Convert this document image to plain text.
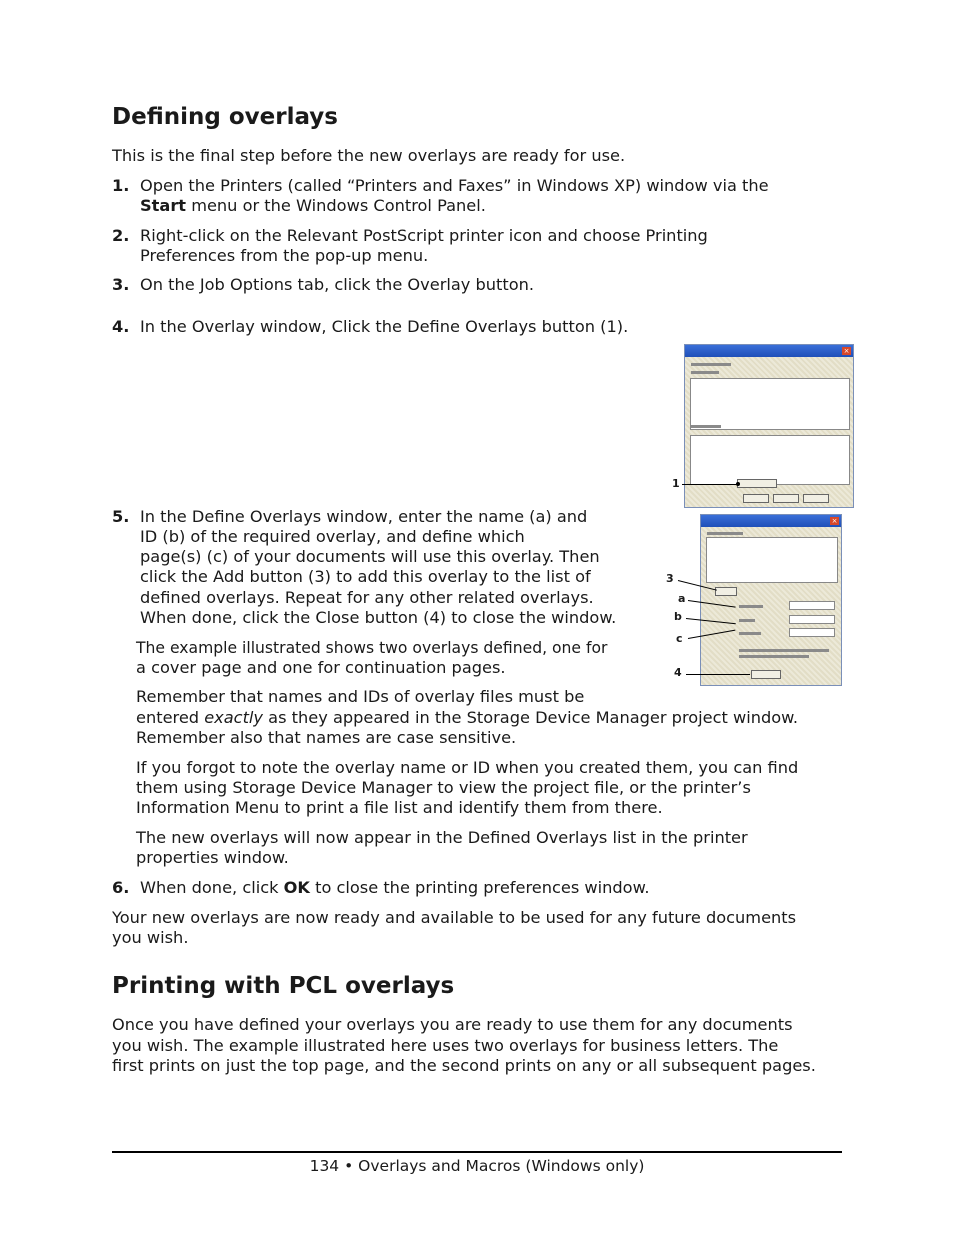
Defining overlays

This is the final step before the new overlays are ready for use.

1. Open the Printers (called “Printers and Faxes” in Windows XP) window via the

Start menu or the Windows Control Panel.

2. Right-click on the Relevant PostScript printer icon and choose Printing

Preferences from the pop-up menu.

3. On the Job Options tab, click the Overlay button.

4. In the Overlay window, Click the Define Overlays button (1).

×
1
5. In the Define Overlays window, enter the name (a) and

ID (b) of the required overlay, and define which

page(s) (c) of your documents will use this overlay. Then

click the Add button (3) to add this overlay to the list of

defined overlays. Repeat for any other related overlays.

When done, click the Close button (4) to close the window.

×
3
a
b
c
4

The example illustrated shows two overlays defined, one for

a cover page and one for continuation pages.

Remember that names and IDs of overlay files must be

entered exactly as they appeared in the Storage Device Manager project window.

Remember also that names are case sensitive.

If you forgot to note the overlay name or ID when you created them, you can find

them using Storage Device Manager to view the project file, or the printer’s

Information Menu to print a file list and identify them from there.

The new overlays will now appear in the Defined Overlays list in the printer

properties window.

6. When done, click OK to close the printing preferences window.

Your new overlays are now ready and available to be used for any future documents

you wish.

Printing with PCL overlays

Once you have defined your overlays you are ready to use them for any documents

you wish. The example illustrated here uses two overlays for business letters. The

first prints on just the top page, and the second prints on any or all subsequent pages.

134 • Overlays and Macros (Windows only)
